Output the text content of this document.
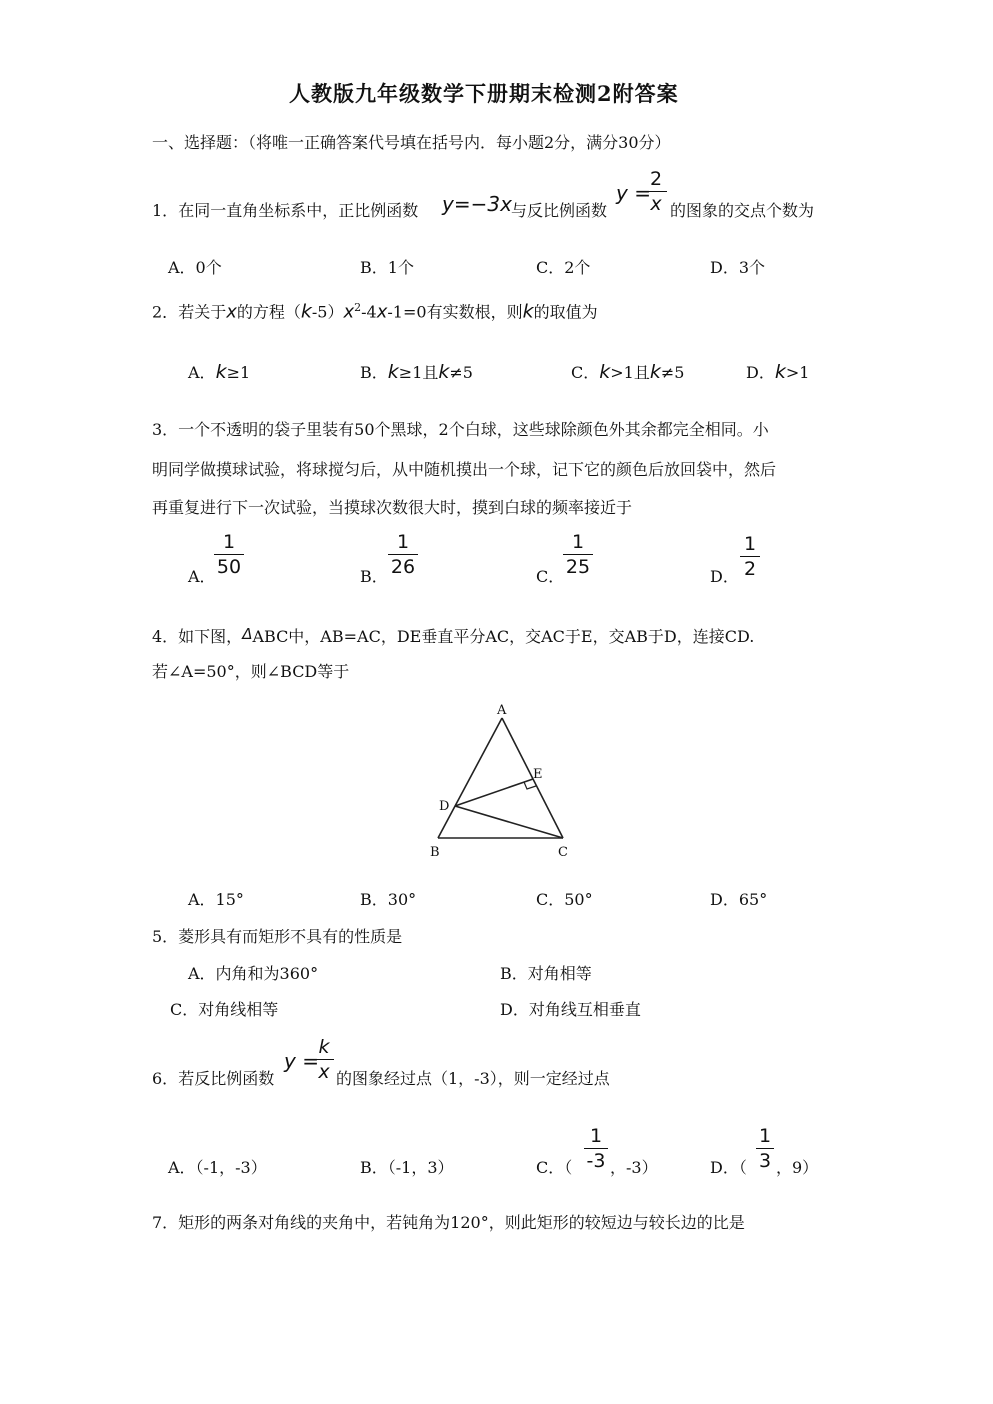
人教版九年级数学下册期末检测2附答案
一、选择题：（将唯一正确答案代号填在括号内．每小题2分，满分30分）
1．在同一直角坐标系中，正比例函数 y=−3x 与反比例函数
y =
2
x 的图象的交点个数为
A．0个	B．1个	C．2个	D．3个
2．若关于x的方程$(k-5)x^2-4x-1=0$有实数根，则k的取值为
A．k≥1	B．k≥1且k≠5	C．k>1且k≠5	D．k>1
3．一个不透明的袋子里装有50个黑球，2个白球，这些球除颜色外其余都完全相同。小
明同学做摸球试验，将球搅匀后，从中随机摸出一个球，记下它的颜色后放回袋中，然后
再重复进行下一次试验，当摸球次数很大时，摸到白球的频率接近于
A．
1
50	B．
1
26	C．
1
25	D．
1
2
4．如下图，ΔABC中，AB=AC，DE垂直平分AC，交AC于E，交AB于D，连接CD.
若∠A=50°，则∠BCD等于
A
B	C
D
E
A．15°	B．30°	C．50°	D．65°
5．菱形具有而矩形不具有的性质是
A．内角和为360°	B．对角相等
C．对角线相等	D．对角线互相垂直
6．若反比例函数
y =
k
x 的图象经过点（1，-3），则一定经过点
A．（-1，-3）	B．（-1，3）	C．（
1
-3 ，-3）	D．（
1
3 ，9）
7．矩形的两条对角线的夹角中，若钝角为120°，则此矩形的较短边与较长边的比是
